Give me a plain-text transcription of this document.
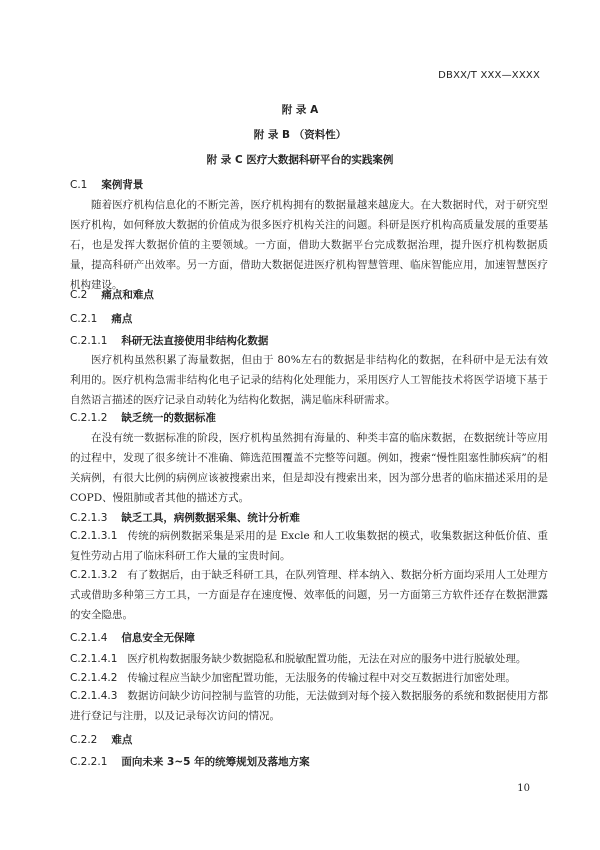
DBXX/T XXX—XXXX
附 录 A
附 录 B （资料性）
附 录 C 医疗大数据科研平台的实践案例
C.1 案例背景
随着医疗机构信息化的不断完善，医疗机构拥有的数据量越来越庞大。在大数据时代，对于研究型医疗机构，如何释放大数据的价值成为很多医疗机构关注的问题。科研是医疗机构高质量发展的重要基石，也是发挥大数据价值的主要领域。一方面，借助大数据平台完成数据治理，提升医疗机构数据质量，提高科研产出效率。另一方面，借助大数据促进医疗机构智慧管理、临床智能应用，加速智慧医疗机构建设。
C.2 痛点和难点
C.2.1 痛点
C.2.1.1 科研无法直接使用非结构化数据
医疗机构虽然积累了海量数据，但由于 80%左右的数据是非结构化的数据，在科研中是无法有效利用的。医疗机构急需非结构化电子记录的结构化处理能力，采用医疗人工智能技术将医学语境下基于自然语言描述的医疗记录自动转化为结构化数据，满足临床科研需求。
C.2.1.2 缺乏统一的数据标准
在没有统一数据标准的阶段，医疗机构虽然拥有海量的、种类丰富的临床数据，在数据统计等应用的过程中，发现了很多统计不准确、筛选范围覆盖不完整等问题。例如，搜索“慢性阻塞性肺疾病”的相关病例，有很大比例的病例应该被搜索出来，但是却没有搜索出来，因为部分患者的临床描述采用的是 COPD、慢阻肺或者其他的描述方式。
C.2.1.3 缺乏工具，病例数据采集、统计分析难
C.2.1.3.1 传统的病例数据采集是采用的是 Excle 和人工收集数据的模式，收集数据这种低价值、重复性劳动占用了临床科研工作大量的宝贵时间。
C.2.1.3.2 有了数据后，由于缺乏科研工具，在队列管理、样本纳入、数据分析方面均采用人工处理方式或借助多种第三方工具，一方面是存在速度慢、效率低的问题，另一方面第三方软件还存在数据泄露的安全隐患。
C.2.1.4 信息安全无保障
C.2.1.4.1 医疗机构数据服务缺少数据隐私和脱敏配置功能，无法在对应的服务中进行脱敏处理。
C.2.1.4.2 传输过程应当缺少加密配置功能，无法服务的传输过程中对交互数据进行加密处理。
C.2.1.4.3 数据访问缺少访问控制与监管的功能，无法做到对每个接入数据服务的系统和数据使用方都进行登记与注册，以及记录每次访问的情况。
C.2.2 难点
C.2.2.1 面向未来 3~5 年的统筹规划及落地方案
10
